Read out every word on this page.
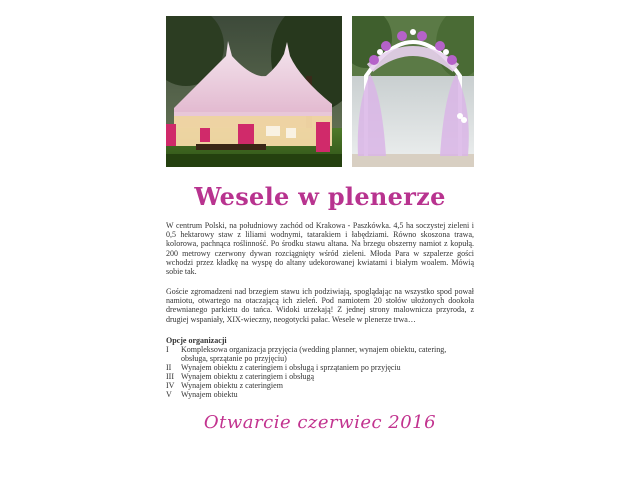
Wesele w plenerze

W centrum Polski, na południowy zachód od Krakowa - Paszkówka. 4,5 ha soczystej zieleni i 0,5 hektarowy staw z liliami wodnymi, tatarakiem i łabędziami. Równo skoszona trawa, kolorowa, pachnąca roślinność. Po środku stawu altana. Na brzegu obszerny namiot z kopułą. 200 metrowy czerwony dywan rozciągnięty wśród zieleni. Młoda Para w szpalerze gości wchodzi przez kładkę na wyspę do altany udekorowanej kwiatami i białym woalem. Mówią sobie tak.

Goście zgromadzeni nad brzegiem stawu ich podziwiają, spoglądając na wszystko spod pował namiotu, otwartego na otaczającą ich zieleń. Pod namiotem 20 stołów ułożonych dookoła drewnianego parkietu do tańca. Widoki urzekają! Z jednej strony malownicza przyroda, z drugiej wspaniały, XIX-wieczny, neogotycki pałac. Wesele w plenerze trwa…

Opcje organizacji
I	Kompleksowa organizacja przyjęcia (wedding planner, wynajem obiektu, catering, obsługa, sprzątanie po przyjęciu)
II	Wynajem obiektu z cateringiem i obsługą i sprzątaniem po przyjęciu
III Wynajem obiektu z cateringiem i obsługą
IV Wynajem obiektu z cateringiem
V	Wynajem obiektu
Otwarcie czerwiec 2016
